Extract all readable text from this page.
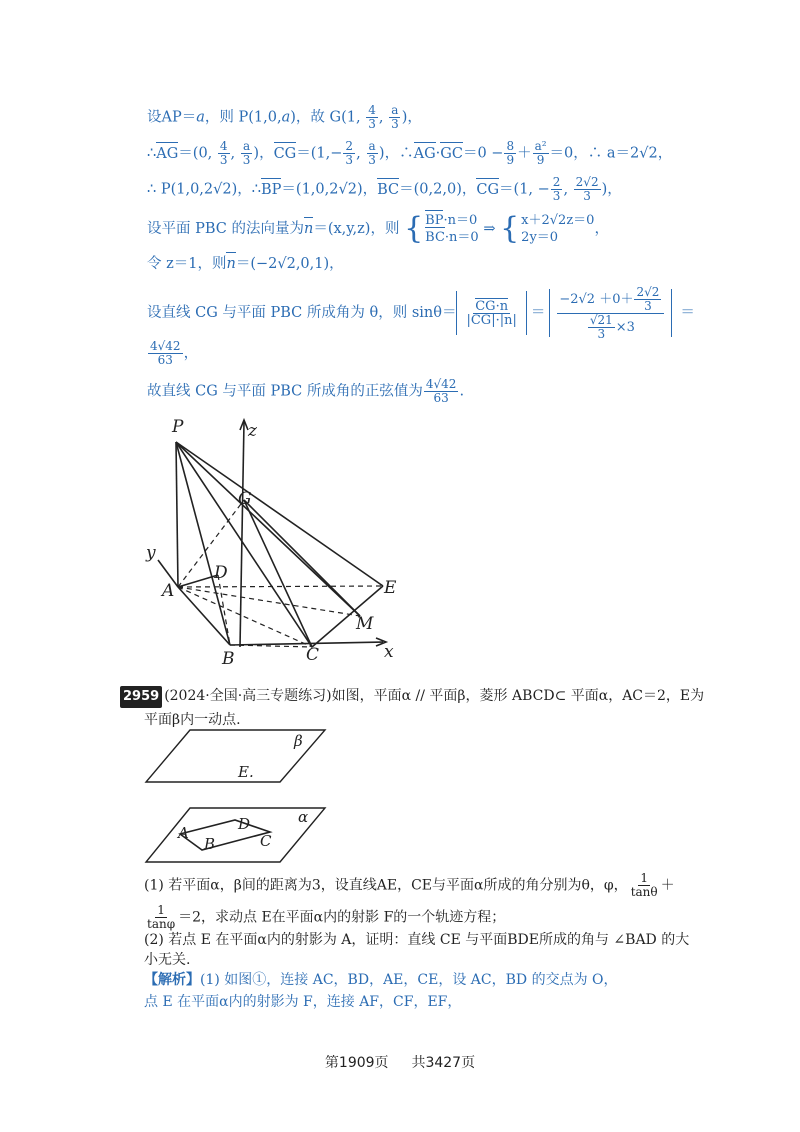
设AP＝a，则 P(1,0,a)，故 G(1, $\frac{4}{3}$ , $\frac{a}{3}$ )，
∴AG＝(0, $\frac{4}{3}$ , $\frac{a}{3}$ )，$CG=(1,- \frac{2}{3}$ , $\frac{a}{3}$ )，∴AG·GC＝0 − $\frac{8}{9} + \frac{\text{a²}}{9} =0$，∴ a＝2√2，
∴ P(1,0,2√2)，∴BP＝(1,0,2√2)，BC＝(0,2,0)，CG＝(1, − $\frac{2}{3}$ , $\frac{2√2}{3}$ )，
设平面 PBC 的法向量为n＝(x,y,z)，则 { BP·n＝0
BC·n＝0
⇒ { x＋2√2z＝0
2y＝0
，
令 z＝1，则n＝(−2√2,0,1)，
设直线 CG 与平面 PBC 所成角为 θ，则 $\sin\theta= \frac{CG\cdot n}{|CG|\cdot|n|} = \frac{-2√2 +0+ \frac{2√2}{3}}{\frac{√21}{3} \times 3}$ ＝
$\frac{4√42}{63}$ ，
故直线 CG 与平面 PBC 所成角的正弦值为 $\frac{4√42}{63}$ .
P	z
G
y
D
A	E
M
B	C	x
2959 (2024·全国·高三专题练习)如图，平面α // 平面β，菱形 ABCD⊂ 平面α，AC＝2，E为
平面β内一动点.
β
E.
α
A
B	C
D
(1) 若平面α，β间的距离为3，设直线AE，CE与平面α所成的角分别为θ，φ， $\frac{1}{\tan\theta}$ ＋
$\frac{1}{\tan\varphi} =2$，求动点 E在平面α内的射影 F的一个轨迹方程；
(2) 若点 E 在平面α内的射影为 A，证明：直线 CE 与平面BDE所成的角与 ∠BAD 的大
小无关.
【解析】(1) 如图①，连接 AC，BD，AE，CE，设 AC，BD 的交点为 O，
点 E 在平面α内的射影为 F，连接 AF，CF，EF，
第1909页 共3427页
